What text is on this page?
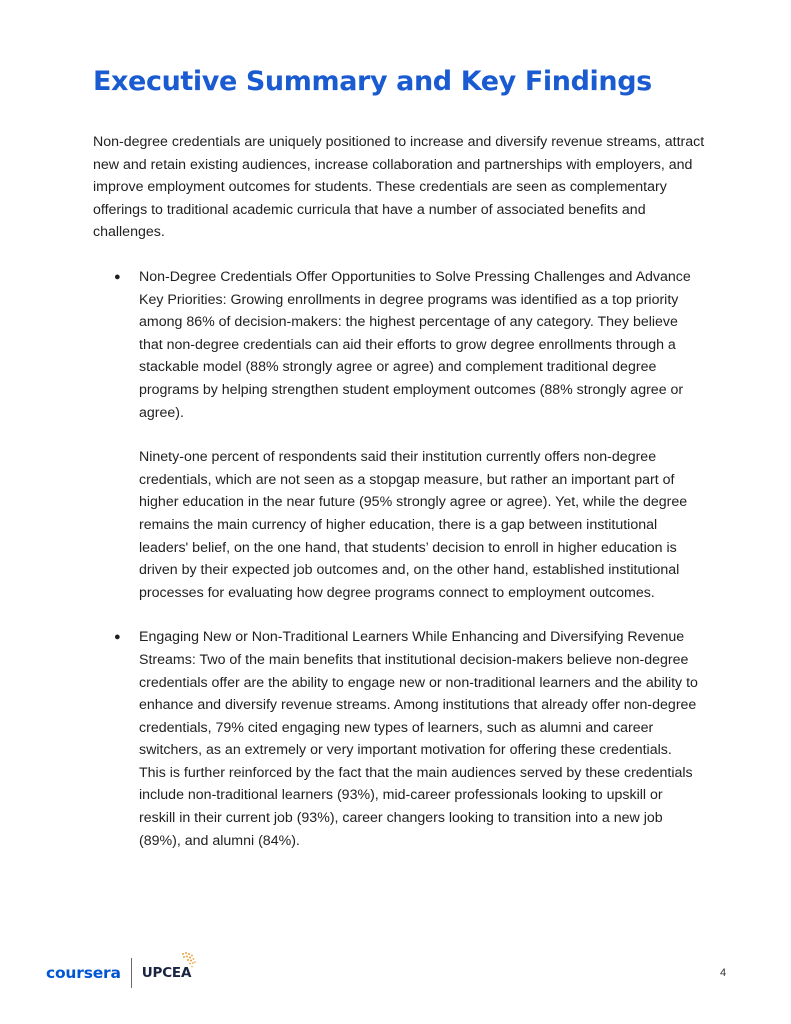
Executive Summary and Key Findings

Non-degree credentials are uniquely positioned to increase and diversify revenue streams, attract new and retain existing audiences, increase collaboration and partnerships with employers, and improve employment outcomes for students. These credentials are seen as complementary offerings to traditional academic curricula that have a number of associated benefits and challenges.

● Non-Degree Credentials Offer Opportunities to Solve Pressing Challenges and Advance Key Priorities: Growing enrollments in degree programs was identified as a top priority among 86% of decision-makers: the highest percentage of any category. They believe that non-degree credentials can aid their efforts to grow degree enrollments through a stackable model (88% strongly agree or agree) and complement traditional degree programs by helping strengthen student employment outcomes (88% strongly agree or agree).

Ninety-one percent of respondents said their institution currently offers non-degree credentials, which are not seen as a stopgap measure, but rather an important part of higher education in the near future (95% strongly agree or agree). Yet, while the degree remains the main currency of higher education, there is a gap between institutional leaders' belief, on the one hand, that students’ decision to enroll in higher education is driven by their expected job outcomes and, on the other hand, established institutional processes for evaluating how degree programs connect to employment outcomes.

● Engaging New or Non-Traditional Learners While Enhancing and Diversifying Revenue Streams: Two of the main benefits that institutional decision-makers believe non-degree credentials offer are the ability to engage new or non-traditional learners and the ability to enhance and diversify revenue streams. Among institutions that already offer non-degree credentials, 79% cited engaging new types of learners, such as alumni and career switchers, as an extremely or very important motivation for offering these credentials. This is further reinforced by the fact that the main audiences served by these credentials include non-traditional learners (93%), mid-career professionals looking to upskill or reskill in their current job (93%), career changers looking to transition into a new job (89%), and alumni (84%).

coursera UPCEA	4
